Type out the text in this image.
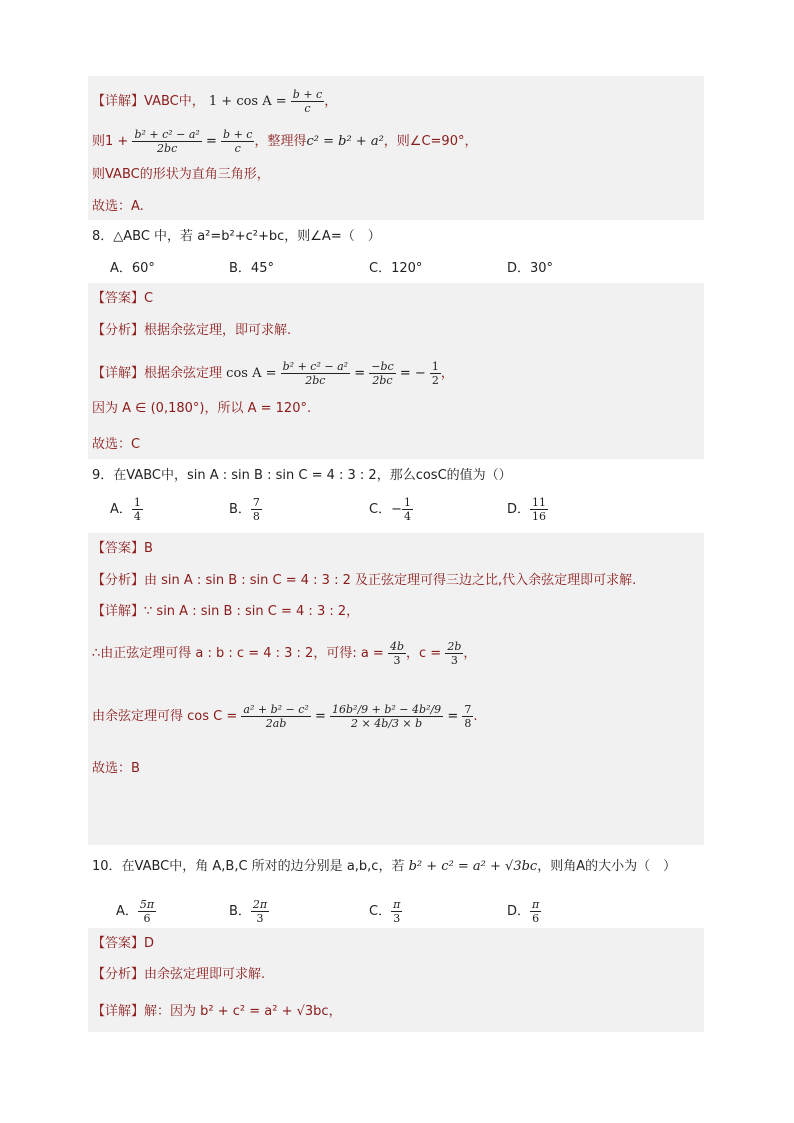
【详解】VABC中， $1 + \cos A = \frac{b + c}{c}$ ，
则$1 + \frac{\text{b² + c² − a²}}{2bc} = \frac{b + c}{c}$ ，整理得c² = b² + a²，则∠C=90°，
则VABC的形状为直角三角形，
故选：A.
8．△ABC 中，若 a²=b²+c²+bc，则∠A=（　）
A．60°	B．45°	C．120°	D．30°
【答案】C
【分析】根据余弦定理，即可求解.
【详解】根据余弦定理 $\cos A = \frac{\text{b² + c² − a²}}{2bc} = \frac{-bc}{2bc}$ = − $\frac{1}{2}$ ，
因为 A ∈ (0,180°)，所以 A = 120°.
故选：C
9．在VABC中，sin A : sin B : sin C = 4 : 3 : 2，那么cosC的值为（）
A． $\frac{1}{4}$	B． $\frac{7}{8}$	C．− $\frac{1}{4}$	D． $\frac{11}{16}$
【答案】B
【分析】由 sin A : sin B : sin C = 4 : 3 : 2 及正弦定理可得三边之比,代入余弦定理即可求解.
【详解】∵ sin A : sin B : sin C = 4 : 3 : 2，
∴由正弦定理可得 a : b : c = 4 : 3 : 2，可得: $a = \frac{4b}{3}$ ，$c = \frac{2b}{3}$ ，
由余弦定理可得 $\cos C = \frac{\text{a² + b² − c²}}{2ab} = \frac{\text{16b²/9 + b² − 4b²/9}}{2 \times 4b/3 \times b} = \frac{7}{8}$ .
故选：B
10．在VABC中，角 A,B,C 所对的边分别是 a,b,c，若 b² + c² = a² + √3bc，则角A的大小为（　）
A． $\frac{5\pi}{6}$	B． $\frac{2\pi}{3}$	C． $\frac{\pi}{3}$	D． $\frac{\pi}{6}$
【答案】D
【分析】由余弦定理即可求解.
【详解】解：因为 b² + c² = a² + √3bc，
